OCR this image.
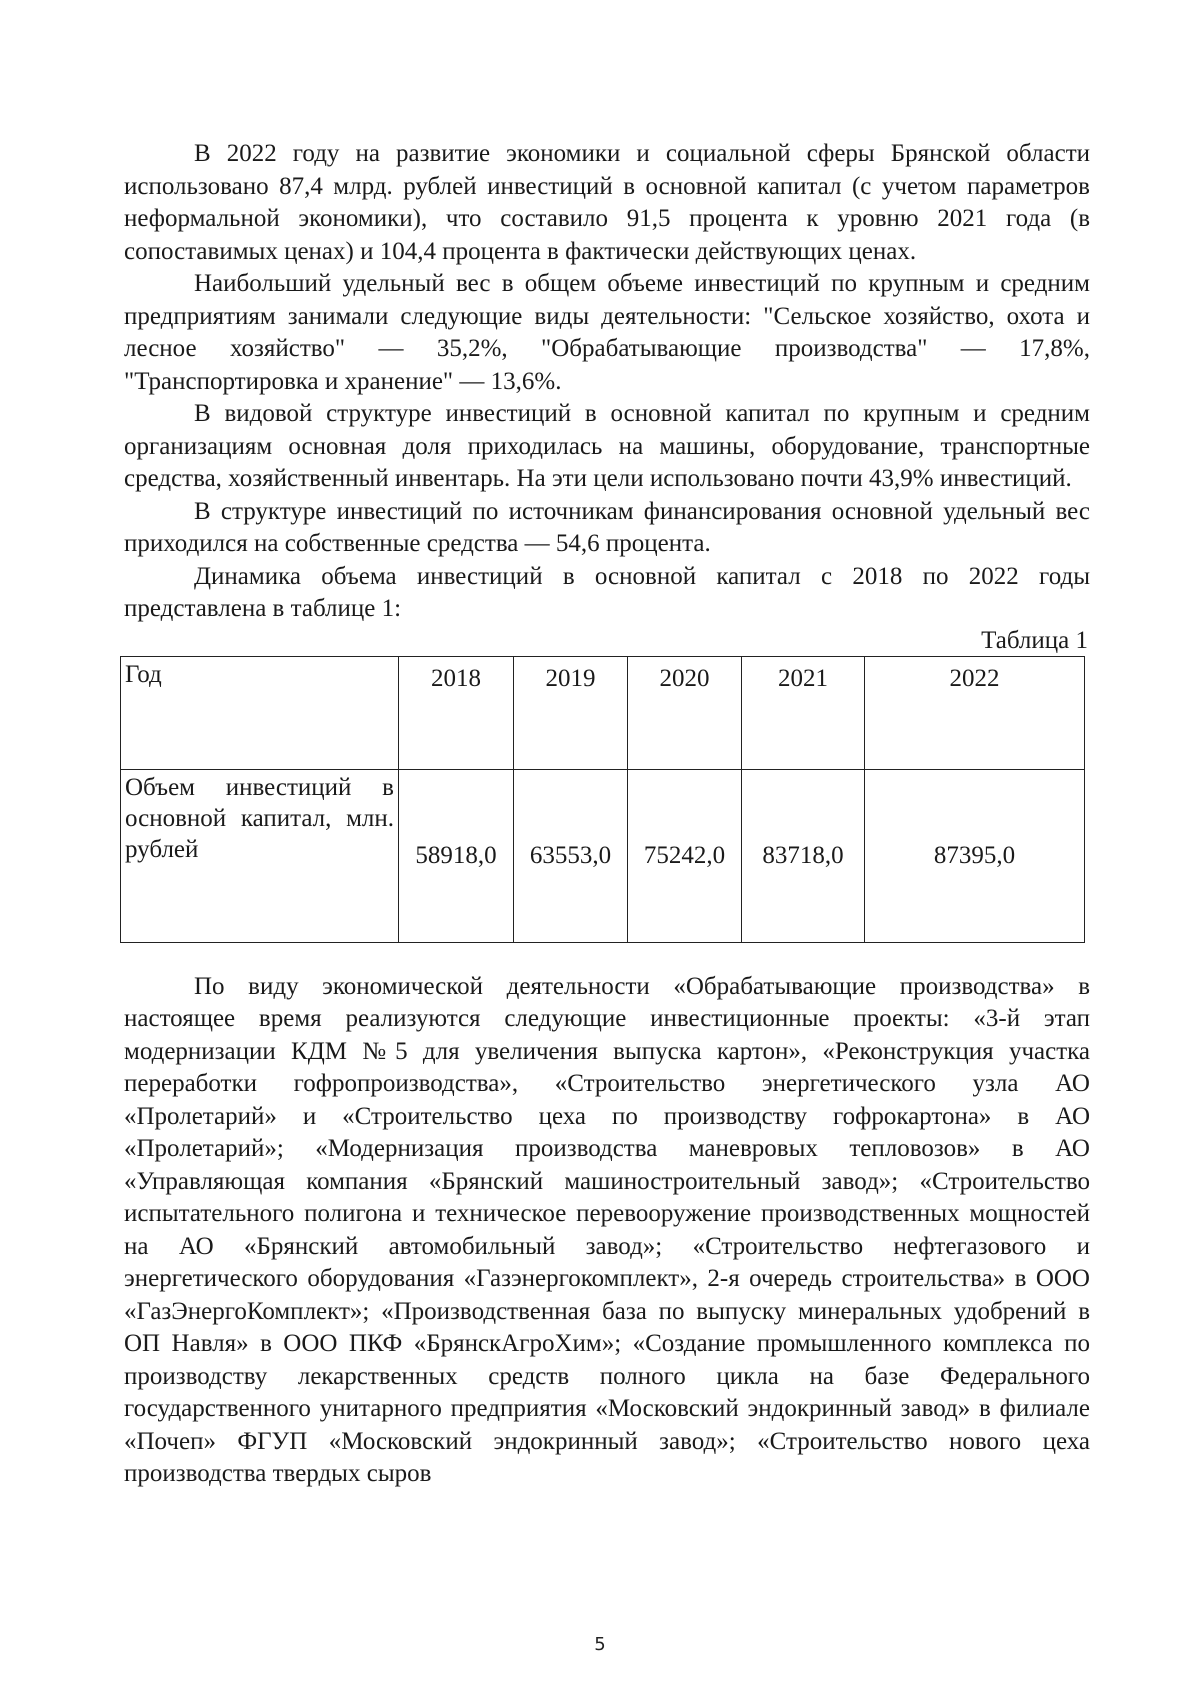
В 2022 году на развитие экономики и социальной сферы Брянской области использовано 87,4 млрд. рублей инвестиций в основной капитал (с учетом параметров неформальной экономики), что составило 91,5 процента к уровню 2021 года (в сопоставимых ценах) и 104,4 процента в фактически действующих ценах.

Наибольший удельный вес в общем объеме инвестиций по крупным и средним предприятиям занимали следующие виды деятельности: "Сельское хозяйство, охота и лесное хозяйство" — 35,2%, "Обрабатывающие производства" — 17,8%, "Транспортировка и хранение" — 13,6%.

В видовой структуре инвестиций в основной капитал по крупным и средним организациям основная доля приходилась на машины, оборудование, транспортные средства, хозяйственный инвентарь. На эти цели использовано почти 43,9% инвестиций.

В структуре инвестиций по источникам финансирования основной удельный вес приходился на собственные средства — 54,6 процента.

Динамика объема инвестиций в основной капитал с 2018 по 2022 годы представлена в таблице 1:

Таблица 1

Год	2018	2019	2020	2021	2022
Объем инвестиций в основной капитал, млн. рублей	58918,0	63553,0	75242,0	83718,0	87395,0

По виду экономической деятельности «Обрабатывающие производства» в настоящее время реализуются следующие инвестиционные проекты: «3-й этап модернизации КДМ №5 для увеличения выпуска картон», «Реконструкция участка переработки гофропроизводства», «Строительство энергетического узла АО «Пролетарий» и «Строительство цеха по производству гофрокартона» в АО «Пролетарий»; «Модернизация производства маневровых тепловозов» в АО «Управляющая компания «Брянский машиностроительный завод»; «Строительство испытательного полигона и техническое перевооружение производственных мощностей на АО «Брянский автомобильный завод»; «Строительство нефтегазового и энергетического оборудования «Газэнергокомплект», 2-я очередь строительства» в ООО «ГазЭнергоКомплект»; «Производственная база по выпуску минеральных удобрений в ОП Навля» в ООО ПКФ «БрянскАгроХим»; «Создание промышленного комплекса по производству лекарственных средств полного цикла на базе Федерального государственного унитарного предприятия «Московский эндокринный завод» в филиале «Почеп» ФГУП «Московский эндокринный завод»; «Строительство нового цеха производства твердых сыров

5
